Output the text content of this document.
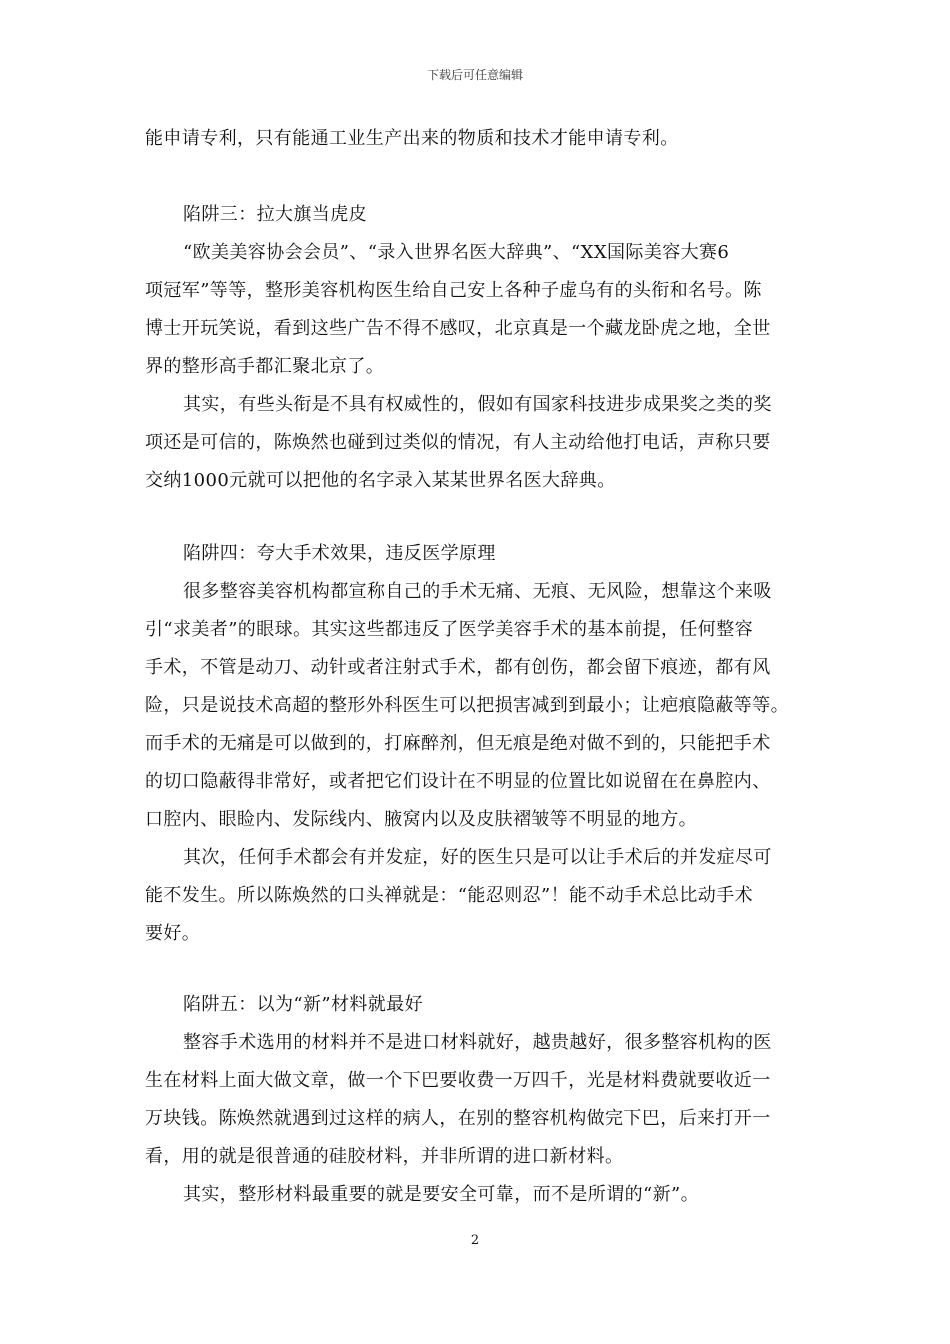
下载后可任意编辑
能申请专利，只有能通工业生产出来的物质和技术才能申请专利。
陷阱三：拉大旗当虎皮
“欧美美容协会会员”、“录入世界名医大辞典”、“XX国际美容大赛6
项冠军”等等，整形美容机构医生给自己安上各种子虚乌有的头衔和名号。陈
博士开玩笑说，看到这些广告不得不感叹，北京真是一个藏龙卧虎之地，全世
界的整形高手都汇聚北京了。
其实，有些头衔是不具有权威性的，假如有国家科技进步成果奖之类的奖
项还是可信的，陈焕然也碰到过类似的情况，有人主动给他打电话，声称只要
交纳1000元就可以把他的名字录入某某世界名医大辞典。
陷阱四：夸大手术效果，违反医学原理
很多整容美容机构都宣称自己的手术无痛、无痕、无风险，想靠这个来吸
引“求美者”的眼球。其实这些都违反了医学美容手术的基本前提，任何整容
手术，不管是动刀、动针或者注射式手术，都有创伤，都会留下痕迹，都有风
险，只是说技术高超的整形外科医生可以把损害减到到最小；让疤痕隐蔽等等。
而手术的无痛是可以做到的，打麻醉剂，但无痕是绝对做不到的，只能把手术
的切口隐蔽得非常好，或者把它们设计在不明显的位置比如说留在在鼻腔内、
口腔内、眼睑内、发际线内、腋窝内以及皮肤褶皱等不明显的地方。
其次，任何手术都会有并发症，好的医生只是可以让手术后的并发症尽可
能不发生。所以陈焕然的口头禅就是：“能忍则忍”！能不动手术总比动手术
要好。
陷阱五：以为“新”材料就最好
整容手术选用的材料并不是进口材料就好，越贵越好，很多整容机构的医
生在材料上面大做文章，做一个下巴要收费一万四千，光是材料费就要收近一
万块钱。陈焕然就遇到过这样的病人，在别的整容机构做完下巴，后来打开一
看，用的就是很普通的硅胶材料，并非所谓的进口新材料。
其实，整形材料最重要的就是要安全可靠，而不是所谓的“新”。
2
